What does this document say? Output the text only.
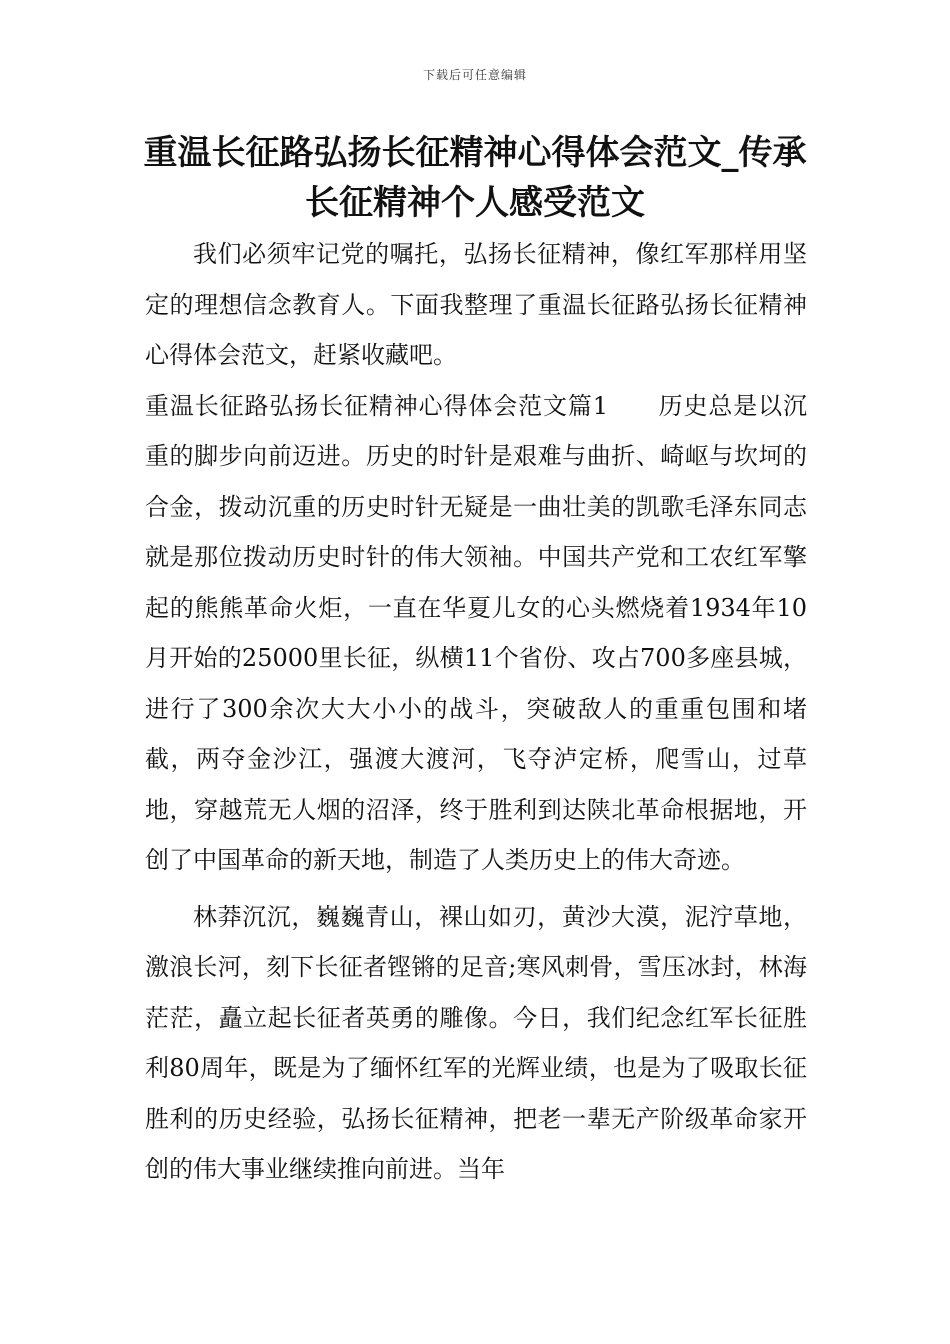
下载后可任意编辑
重温长征路弘扬长征精神心得体会范文_传承长征精神个人感受范文

我们必须牢记党的嘱托，弘扬长征精神，像红军那样用坚定的理想信念教育人。下面我整理了重温长征路弘扬长征精神心得体会范文，赶紧收藏吧。

重温长征路弘扬长征精神心得体会范文篇1　　 历史总是以沉重的脚步向前迈进。历史的时针是艰难与曲折、崎岖与坎坷的合金，拨动沉重的历史时针无疑是一曲壮美的凯歌毛泽东同志就是那位拨动历史时针的伟大领袖。中国共产党和工农红军擎起的熊熊革命火炬，一直在华夏儿女的心头燃烧着1934年10月开始的25000里长征，纵横11个省份、攻占700多座县城，进行了300余次大大小小的战斗，突破敌人的重重包围和堵截，两夺金沙江，强渡大渡河，飞夺泸定桥，爬雪山，过草地，穿越荒无人烟的沼泽，终于胜利到达陕北革命根据地，开创了中国革命的新天地，制造了人类历史上的伟大奇迹。

林莽沉沉，巍巍青山，裸山如刃，黄沙大漠，泥泞草地，激浪长河，刻下长征者铿锵的足音;寒风刺骨，雪压冰封，林海茫茫，矗立起长征者英勇的雕像。今日，我们纪念红军长征胜利80周年，既是为了缅怀红军的光辉业绩，也是为了吸取长征胜利的历史经验，弘扬长征精神，把老一辈无产阶级革命家开创的伟大事业继续推向前进。当年
